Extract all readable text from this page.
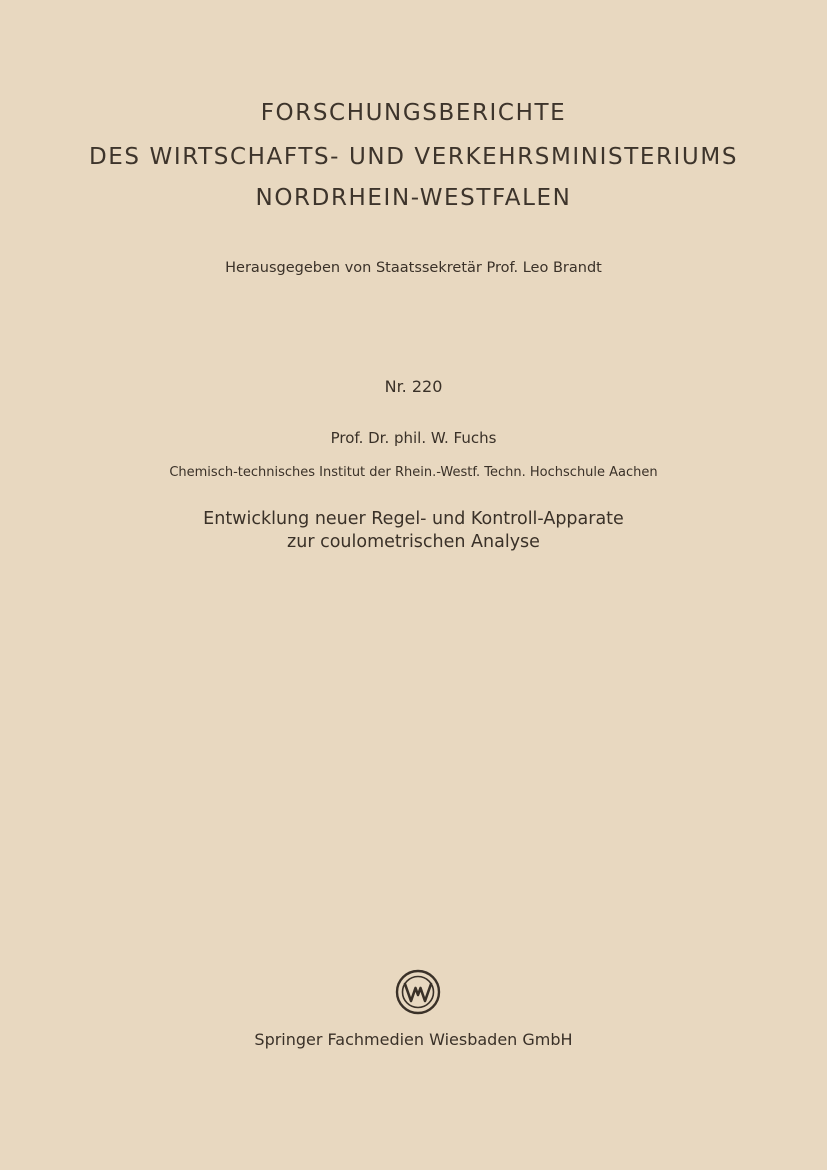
FORSCHUNGSBERICHTE
DES WIRTSCHAFTS- UND VERKEHRSMINISTERIUMS
NORDRHEIN-WESTFALEN
Herausgegeben von Staatssekretär Prof. Leo Brandt
Nr. 220
Prof. Dr. phil. W. Fuchs
Chemisch-technisches Institut der Rhein.-Westf. Techn. Hochschule Aachen
Entwicklung neuer Regel- und Kontroll-Apparate
zur coulometrischen Analyse
Springer Fachmedien Wiesbaden GmbH
